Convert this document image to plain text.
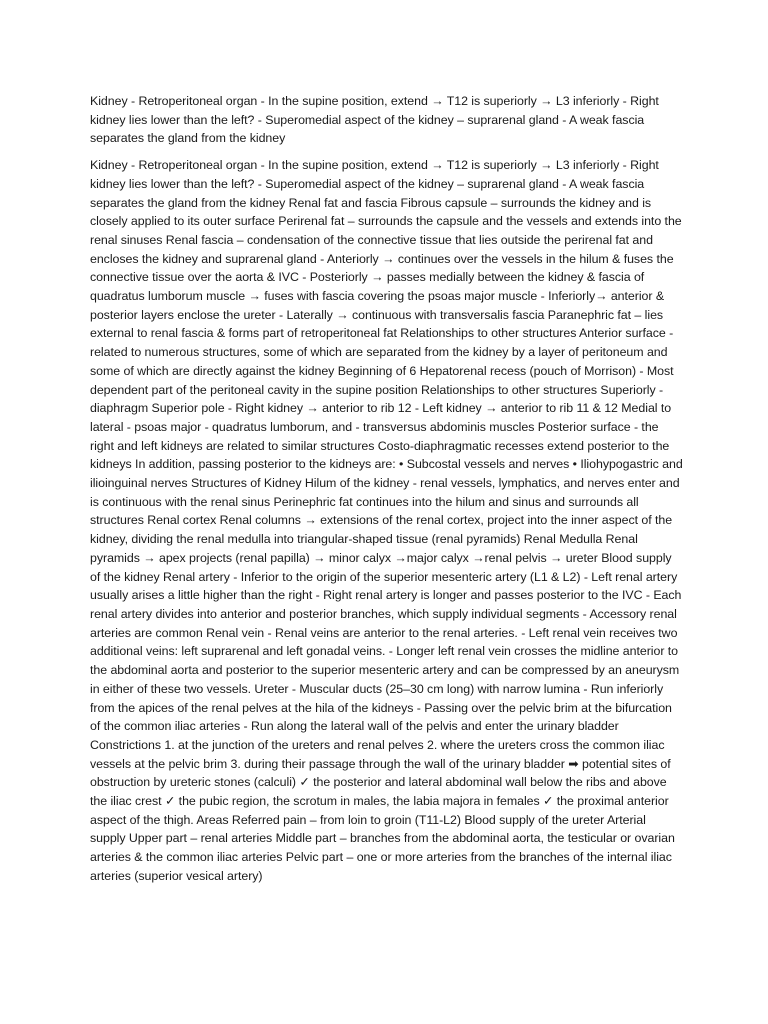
Kidney - Retroperitoneal organ - In the supine position, extend → T12 is superiorly → L3 inferiorly - Right kidney lies lower than the left? - Superomedial aspect of the kidney – suprarenal gland - A weak fascia separates the gland from the kidney

Kidney - Retroperitoneal organ - In the supine position, extend → T12 is superiorly → L3 inferiorly - Right kidney lies lower than the left? - Superomedial aspect of the kidney – suprarenal gland - A weak fascia separates the gland from the kidney Renal fat and fascia Fibrous capsule – surrounds the kidney and is closely applied to its outer surface Perirenal fat – surrounds the capsule and the vessels and extends into the renal sinuses Renal fascia – condensation of the connective tissue that lies outside the perirenal fat and encloses the kidney and suprarenal gland - Anteriorly → continues over the vessels in the hilum & fuses the connective tissue over the aorta & IVC - Posteriorly → passes medially between the kidney & fascia of quadratus lumborum muscle → fuses with fascia covering the psoas major muscle - Inferiorly→ anterior & posterior layers enclose the ureter - Laterally → continuous with transversalis fascia Paranephric fat – lies external to renal fascia & forms part of retroperitoneal fat Relationships to other structures Anterior surface - related to numerous structures, some of which are separated from the kidney by a layer of peritoneum and some of which are directly against the kidney Beginning of 6 Hepatorenal recess (pouch of Morrison) - Most dependent part of the peritoneal cavity in the supine position Relationships to other structures Superiorly - diaphragm Superior pole - Right kidney → anterior to rib 12 - Left kidney → anterior to rib 11 & 12 Medial to lateral - psoas major - quadratus lumborum, and - transversus abdominis muscles Posterior surface - the right and left kidneys are related to similar structures Costo-diaphragmatic recesses extend posterior to the kidneys In addition, passing posterior to the kidneys are: • Subcostal vessels and nerves • Iliohypogastric and ilioinguinal nerves Structures of Kidney Hilum of the kidney - renal vessels, lymphatics, and nerves enter and is continuous with the renal sinus Perinephric fat continues into the hilum and sinus and surrounds all structures Renal cortex Renal columns → extensions of the renal cortex, project into the inner aspect of the kidney, dividing the renal medulla into triangular-shaped tissue (renal pyramids) Renal Medulla Renal pyramids → apex projects (renal papilla) → minor calyx →major calyx →renal pelvis → ureter Blood supply of the kidney Renal artery - Inferior to the origin of the superior mesenteric artery (L1 & L2) - Left renal artery usually arises a little higher than the right - Right renal artery is longer and passes posterior to the IVC - Each renal artery divides into anterior and posterior branches, which supply individual segments - Accessory renal arteries are common Renal vein - Renal veins are anterior to the renal arteries. - Left renal vein receives two additional veins: left suprarenal and left gonadal veins. - Longer left renal vein crosses the midline anterior to the abdominal aorta and posterior to the superior mesenteric artery and can be compressed by an aneurysm in either of these two vessels. Ureter - Muscular ducts (25–30 cm long) with narrow lumina - Run inferiorly from the apices of the renal pelves at the hila of the kidneys - Passing over the pelvic brim at the bifurcation of the common iliac arteries - Run along the lateral wall of the pelvis and enter the urinary bladder Constrictions 1. at the junction of the ureters and renal pelves 2. where the ureters cross the common iliac vessels at the pelvic brim 3. during their passage through the wall of the urinary bladder ➡ potential sites of obstruction by ureteric stones (calculi) ✓ the posterior and lateral abdominal wall below the ribs and above the iliac crest ✓ the pubic region, the scrotum in males, the labia majora in females ✓ the proximal anterior aspect of the thigh. Areas Referred pain – from loin to groin (T11-L2) Blood supply of the ureter Arterial supply Upper part – renal arteries Middle part – branches from the abdominal aorta, the testicular or ovarian arteries & the common iliac arteries Pelvic part – one or more arteries from the branches of the internal iliac arteries (superior vesical artery)
